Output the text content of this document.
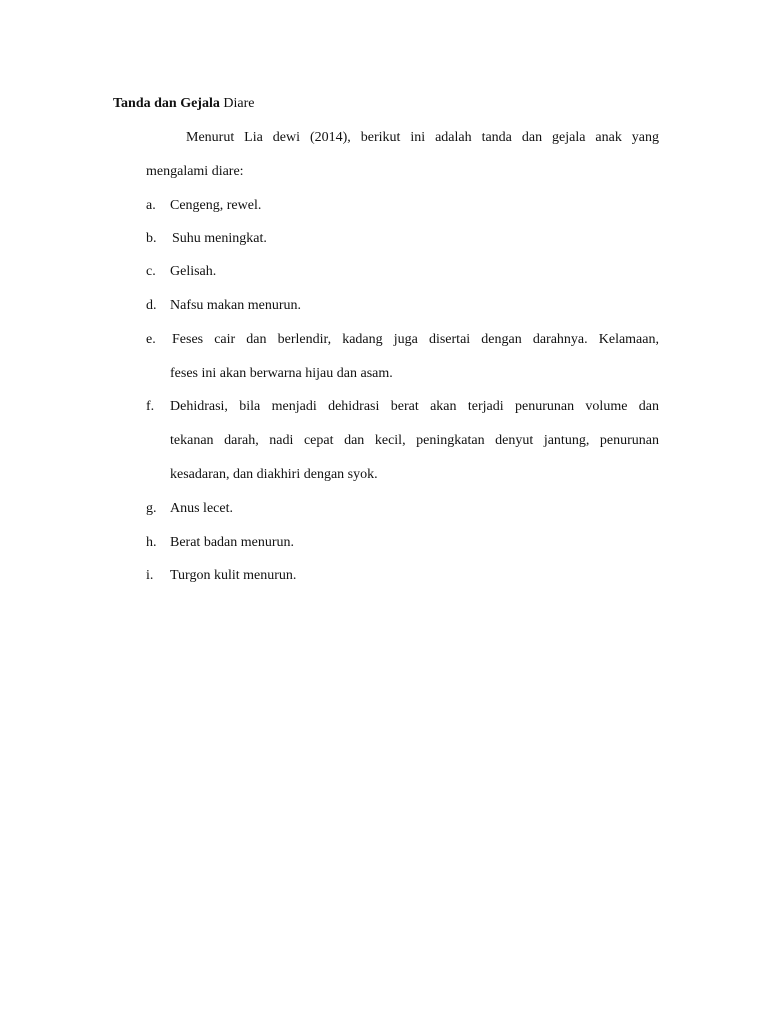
Tanda dan Gejala Diare
Menurut Lia dewi (2014), berikut ini adalah tanda dan gejala anak yang
mengalami diare:
a.	Cengeng, rewel.
b.	Suhu meningkat.
c.	Gelisah.
d. Nafsu makan menurun.
e.	Feses cair dan berlendir, kadang juga disertai dengan darahnya. Kelamaan,
feses ini akan berwarna hijau dan asam.
f.	Dehidrasi, bila menjadi dehidrasi berat akan terjadi penurunan volume dan
tekanan darah, nadi cepat dan kecil, peningkatan denyut jantung, penurunan
kesadaran, dan diakhiri dengan syok.
g. Anus lecet.
h. Berat badan menurun.
i.	Turgon kulit menurun.
